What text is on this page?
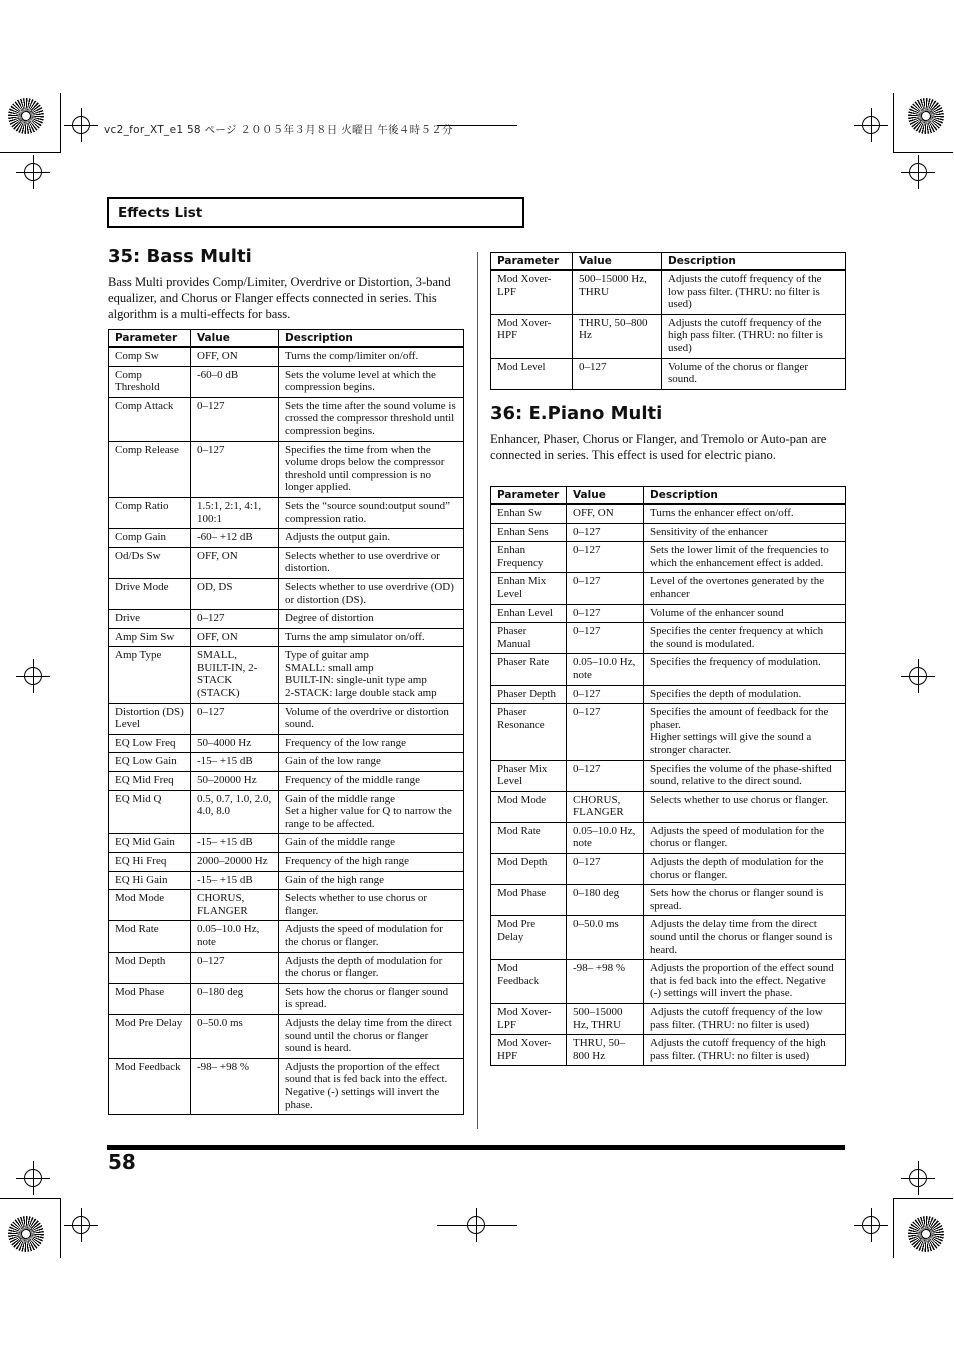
vc2_for_XT_e1 58 ページ ２００５年３月８日 火曜日 午後４時５２分
Effects List
35: Bass Multi

Bass Multi provides Comp/Limiter, Overdrive or Distortion, 3-band equalizer, and Chorus or Flanger effects connected in series. This algorithm is a multi-effects for bass.

Parameter	Value	Description
Comp Sw	OFF, ON	Turns the comp/limiter on/off.
Comp Threshold	-60–0 dB	Sets the volume level at which the compression begins.
Comp Attack	0–127	Sets the time after the sound volume is crossed the compressor threshold until compression begins.
Comp Release	0–127	Specifies the time from when the volume drops below the compressor threshold until compression is no longer applied.
Comp Ratio	1.5:1, 2:1, 4:1, 100:1	Sets the “source sound:output sound” compression ratio.
Comp Gain	-60– +12 dB	Adjusts the output gain.
Od/Ds Sw	OFF, ON	Selects whether to use overdrive or distortion.
Drive Mode	OD, DS	Selects whether to use overdrive (OD) or distortion (DS).
Drive	0–127	Degree of distortion
Amp Sim Sw	OFF, ON	Turns the amp simulator on/off.
Amp Type	SMALL, BUILT-IN, 2-STACK (STACK)	Type of guitar amp
SMALL: small amp
BUILT-IN: single-unit type amp
2-STACK: large double stack amp
Distortion (DS) Level	0–127	Volume of the overdrive or distortion sound.
EQ Low Freq	50–4000 Hz	Frequency of the low range
EQ Low Gain	-15– +15 dB	Gain of the low range
EQ Mid Freq	50–20000 Hz	Frequency of the middle range
EQ Mid Q	0.5, 0.7, 1.0, 2.0, 4.0, 8.0	Gain of the middle range
Set a higher value for Q to narrow the range to be affected.
EQ Mid Gain	-15– +15 dB	Gain of the middle range
EQ Hi Freq	2000–20000 Hz	Frequency of the high range
EQ Hi Gain	-15– +15 dB	Gain of the high range
Mod Mode	CHORUS, FLANGER	Selects whether to use chorus or flanger.
Mod Rate	0.05–10.0 Hz, note	Adjusts the speed of modulation for the chorus or flanger.
Mod Depth	0–127	Adjusts the depth of modulation for the chorus or flanger.
Mod Phase	0–180 deg	Sets how the chorus or flanger sound is spread.
Mod Pre Delay	0–50.0 ms	Adjusts the delay time from the direct sound until the chorus or flanger sound is heard.
Mod Feedback	-98– +98 %	Adjusts the proportion of the effect sound that is fed back into the effect. Negative (-) settings will invert the phase.
Parameter	Value	Description
Mod Xover-LPF	500–15000 Hz, THRU	Adjusts the cutoff frequency of the low pass filter. (THRU: no filter is used)
Mod Xover-HPF	THRU, 50–800 Hz	Adjusts the cutoff frequency of the high pass filter. (THRU: no filter is used)
Mod Level	0–127	Volume of the chorus or flanger sound.
36: E.Piano Multi

Enhancer, Phaser, Chorus or Flanger, and Tremolo or Auto-pan are connected in series. This effect is used for electric piano.

Parameter	Value	Description
Enhan Sw	OFF, ON	Turns the enhancer effect on/off.
Enhan Sens	0–127	Sensitivity of the enhancer
Enhan Frequency	0–127	Sets the lower limit of the frequencies to which the enhancement effect is added.
Enhan Mix Level	0–127	Level of the overtones generated by the enhancer
Enhan Level	0–127	Volume of the enhancer sound
Phaser Manual	0–127	Specifies the center frequency at which the sound is modulated.
Phaser Rate	0.05–10.0 Hz, note	Specifies the frequency of modulation.
Phaser Depth	0–127	Specifies the depth of modulation.
Phaser Resonance	0–127	Specifies the amount of feedback for the phaser.
Higher settings will give the sound a stronger character.
Phaser Mix Level	0–127	Specifies the volume of the phase-shifted sound, relative to the direct sound.
Mod Mode	CHORUS, FLANGER	Selects whether to use chorus or flanger.
Mod Rate	0.05–10.0 Hz, note	Adjusts the speed of modulation for the chorus or flanger.
Mod Depth	0–127	Adjusts the depth of modulation for the chorus or flanger.
Mod Phase	0–180 deg	Sets how the chorus or flanger sound is spread.
Mod Pre Delay	0–50.0 ms	Adjusts the delay time from the direct sound until the chorus or flanger sound is heard.
Mod Feedback	-98– +98 %	Adjusts the proportion of the effect sound that is fed back into the effect. Negative (-) settings will invert the phase.
Mod Xover-LPF	500–15000 Hz, THRU	Adjusts the cutoff frequency of the low pass filter. (THRU: no filter is used)
Mod Xover-HPF	THRU, 50–800 Hz	Adjusts the cutoff frequency of the high pass filter. (THRU: no filter is used)
58
